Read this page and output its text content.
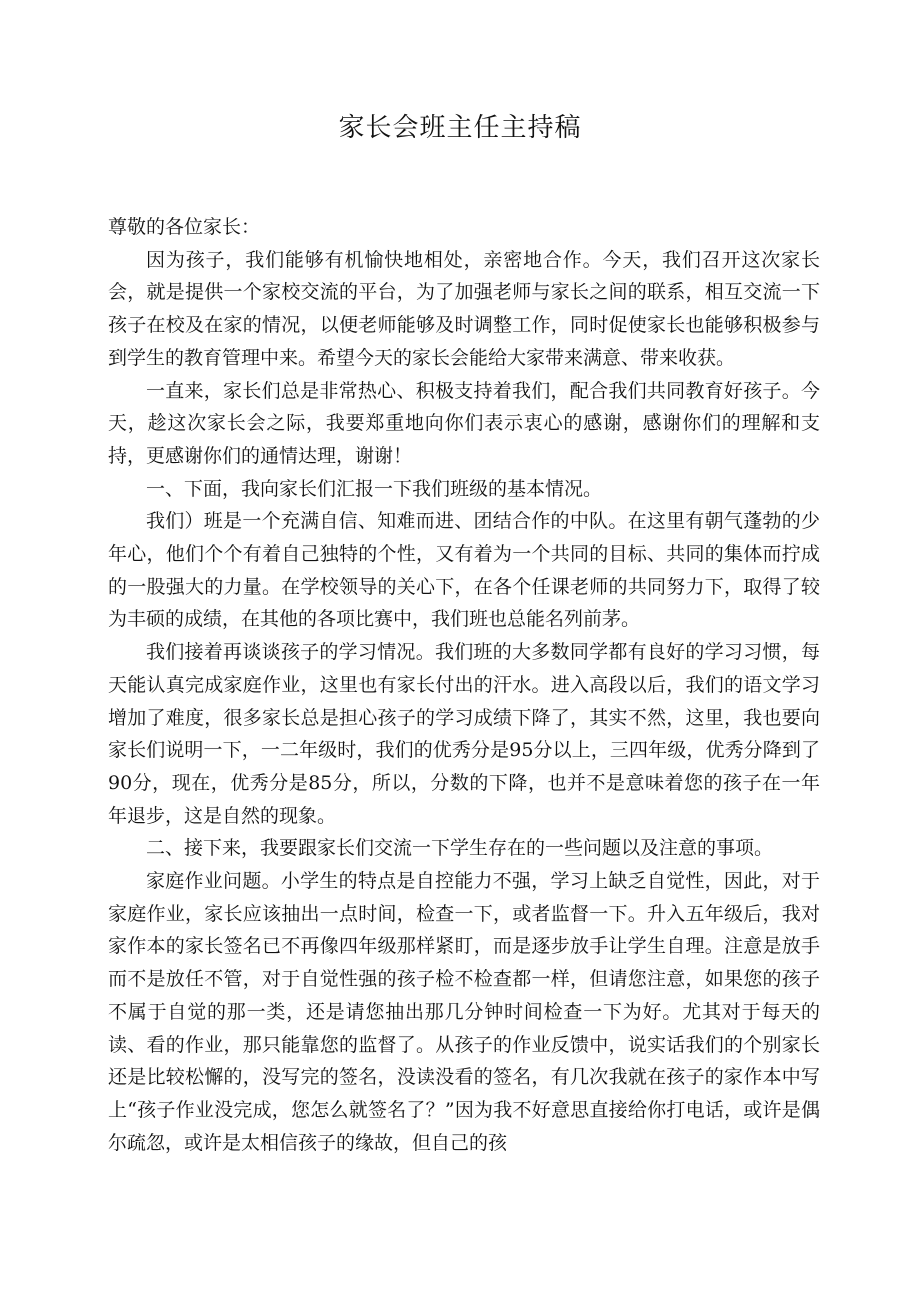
家长会班主任主持稿

尊敬的各位家长：

因为孩子，我们能够有机愉快地相处，亲密地合作。今天，我们召开这次家长会，就是提供一个家校交流的平台，为了加强老师与家长之间的联系，相互交流一下孩子在校及在家的情况，以便老师能够及时调整工作，同时促使家长也能够积极参与到学生的教育管理中来。希望今天的家长会能给大家带来满意、带来收获。

一直来，家长们总是非常热心、积极支持着我们，配合我们共同教育好孩子。今天，趁这次家长会之际，我要郑重地向你们表示衷心的感谢，感谢你们的理解和支持，更感谢你们的通情达理，谢谢！

一、下面，我向家长们汇报一下我们班级的基本情况。

我们）班是一个充满自信、知难而进、团结合作的中队。在这里有朝气蓬勃的少年心，他们个个有着自己独特的个性，又有着为一个共同的目标、共同的集体而拧成的一股强大的力量。在学校领导的关心下，在各个任课老师的共同努力下，取得了较为丰硕的成绩，在其他的各项比赛中，我们班也总能名列前茅。

我们接着再谈谈孩子的学习情况。我们班的大多数同学都有良好的学习习惯，每天能认真完成家庭作业，这里也有家长付出的汗水。进入高段以后，我们的语文学习增加了难度，很多家长总是担心孩子的学习成绩下降了，其实不然，这里，我也要向家长们说明一下，一二年级时，我们的优秀分是95分以上，三四年级，优秀分降到了90分，现在，优秀分是85分，所以，分数的下降，也并不是意味着您的孩子在一年年退步，这是自然的现象。

二、接下来，我要跟家长们交流一下学生存在的一些问题以及注意的事项。

家庭作业问题。小学生的特点是自控能力不强，学习上缺乏自觉性，因此，对于家庭作业，家长应该抽出一点时间，检查一下，或者监督一下。升入五年级后，我对家作本的家长签名已不再像四年级那样紧盯，而是逐步放手让学生自理。注意是放手而不是放任不管，对于自觉性强的孩子检不检查都一样，但请您注意，如果您的孩子不属于自觉的那一类，还是请您抽出那几分钟时间检查一下为好。尤其对于每天的读、看的作业，那只能靠您的监督了。从孩子的作业反馈中，说实话我们的个别家长还是比较松懈的，没写完的签名，没读没看的签名，有几次我就在孩子的家作本中写上“孩子作业没完成，您怎么就签名了？”因为我不好意思直接给你打电话，或许是偶尔疏忽，或许是太相信孩子的缘故，但自己的孩
